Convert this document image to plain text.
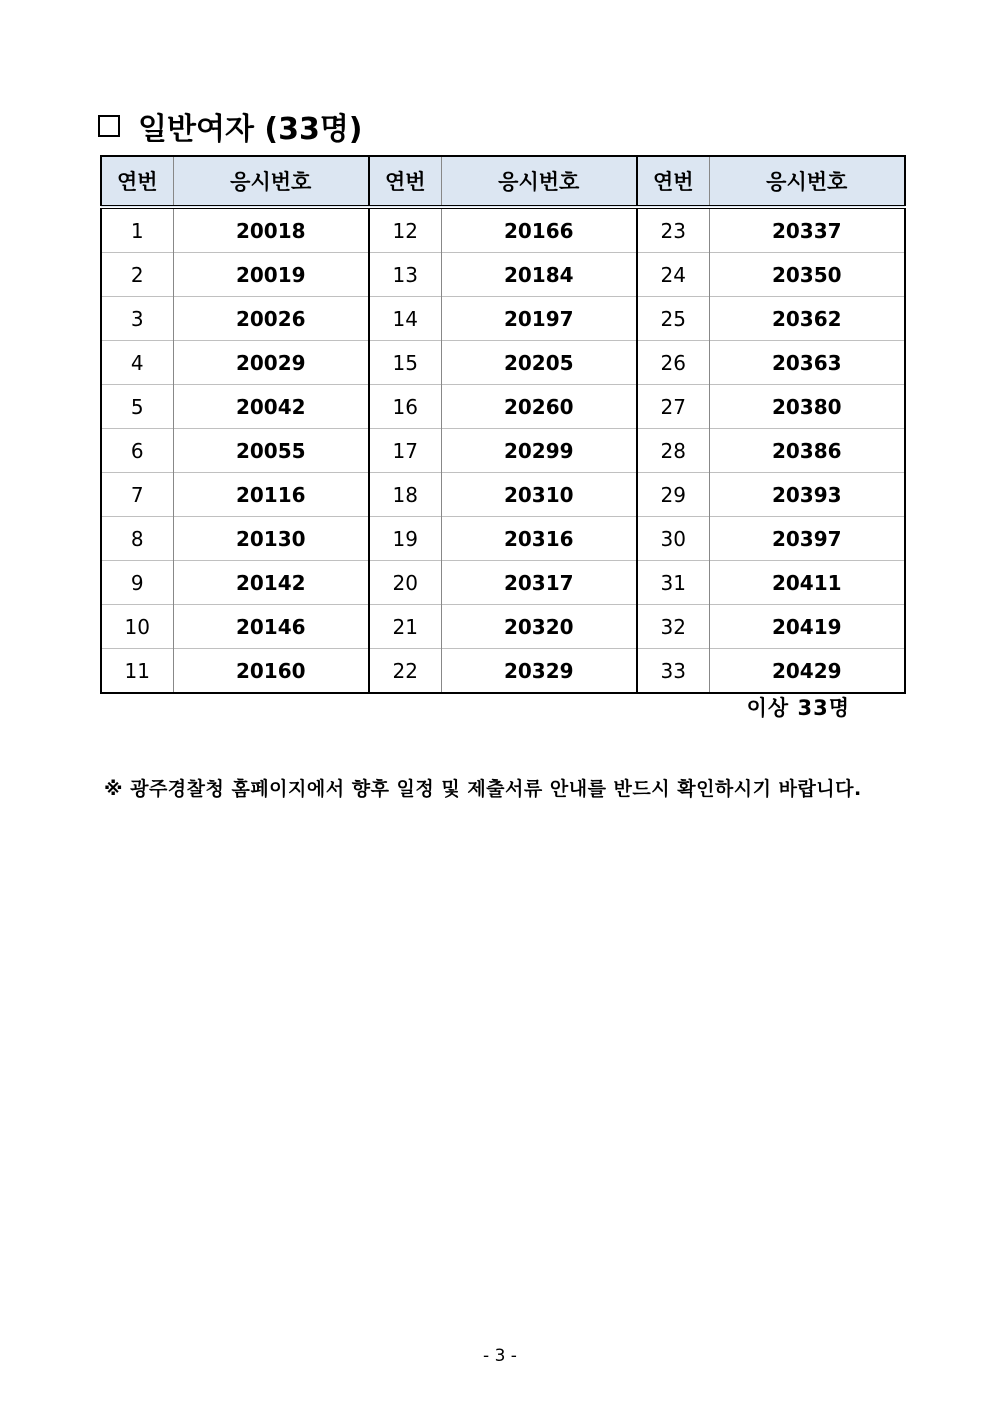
일반여자 (33명)
연번	응시번호	연번	응시번호	연번	응시번호
1	20018	12	20166	23	20337
2	20019	13	20184	24	20350
3	20026	14	20197	25	20362
4	20029	15	20205	26	20363
5	20042	16	20260	27	20380
6	20055	17	20299	28	20386
7	20116	18	20310	29	20393
8	20130	19	20316	30	20397
9	20142	20	20317	31	20411
10	20146	21	20320	32	20419
11	20160	22	20329	33	20429
이상 33명
※ 광주경찰청 홈페이지에서 향후 일정 및 제출서류 안내를 반드시 확인하시기 바랍니다.
- 3 -
